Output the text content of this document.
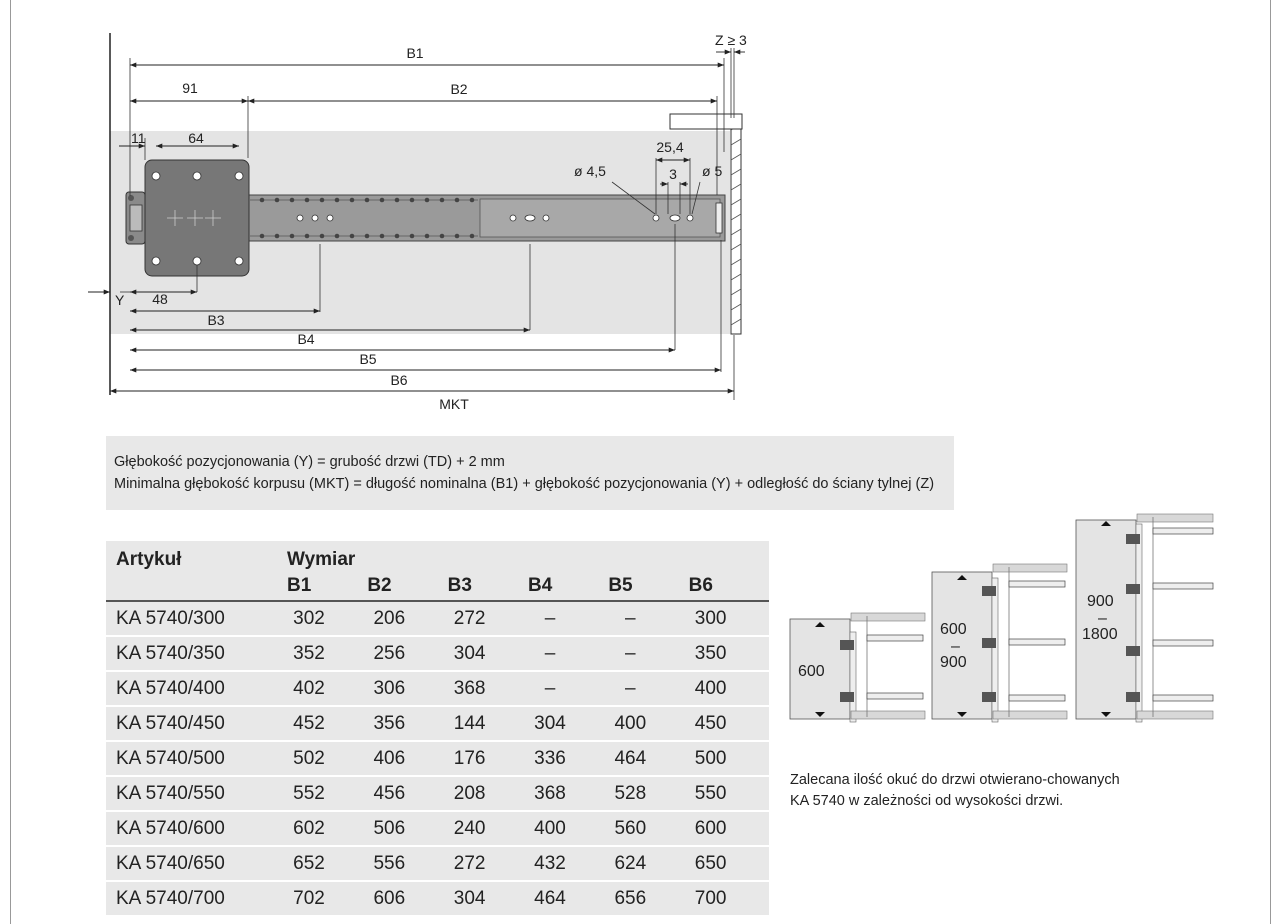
B1
Z ≥ 3
91	B2
11	64
25,4
3
ø 4,5	ø 5
Y 48
B3
B4
B5
B6
MKT
Głębokość pozycjonowania (Y) = grubość drzwi (TD) + 2 mm
Minimalna głębokość korpusu (MKT) = długość nominalna (B1) + głębokość pozycjonowania (Y) + odległość do ściany tylnej (Z)
Artykuł	Wymiar					
	B1	B2	B3	B4	B5	B6
KA 5740/300	302	206	272	–	–	300
KA 5740/350	352	256	304	–	–	350
KA 5740/400	402	306	368	–	–	400
KA 5740/450	452	356	144	304	400	450
KA 5740/500	502	406	176	336	464	500
KA 5740/550	552	456	208	368	528	550
KA 5740/600	602	506	240	400	560	600
KA 5740/650	652	556	272	432	624	650
KA 5740/700	702	606	304	464	656	700
600
600
–
900
900
–
1800
Zalecana ilość okuć do drzwi otwierano-chowanych
KA 5740 w zależności od wysokości drzwi.
